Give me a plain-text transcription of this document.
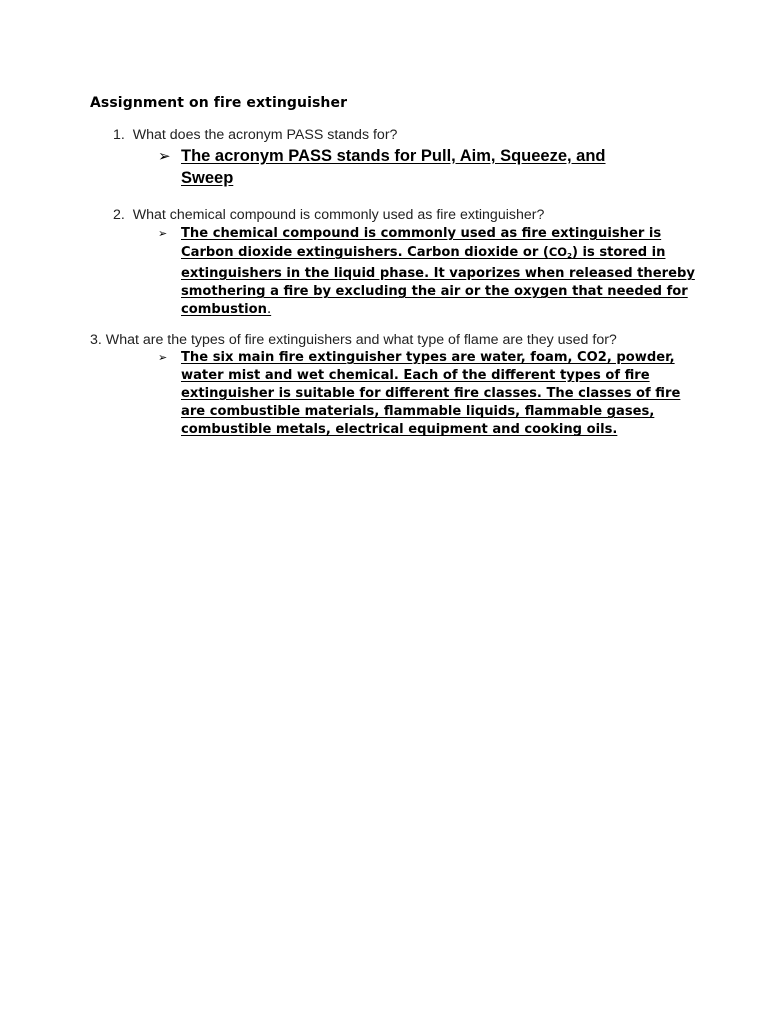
Assignment on fire extinguisher
1. What does the acronym PASS stands for?
➢ The acronym PASS stands for Pull, Aim, Squeeze, and
Sweep
2. What chemical compound is commonly used as fire extinguisher?
➢ The chemical compound is commonly used as fire extinguisher is
Carbon dioxide extinguishers. Carbon dioxide or $(CO_2)$ is stored in
extinguishers in the liquid phase. It vaporizes when released thereby
smothering a fire by excluding the air or the oxygen that needed for
combustion.
3. What are the types of fire extinguishers and what type of flame are they used for?
➢ The six main fire extinguisher types are water, foam, CO2, powder,
water mist and wet chemical. Each of the different types of fire
extinguisher is suitable for different fire classes. The classes of fire
are combustible materials, flammable liquids, flammable gases,
combustible metals, electrical equipment and cooking oils.
